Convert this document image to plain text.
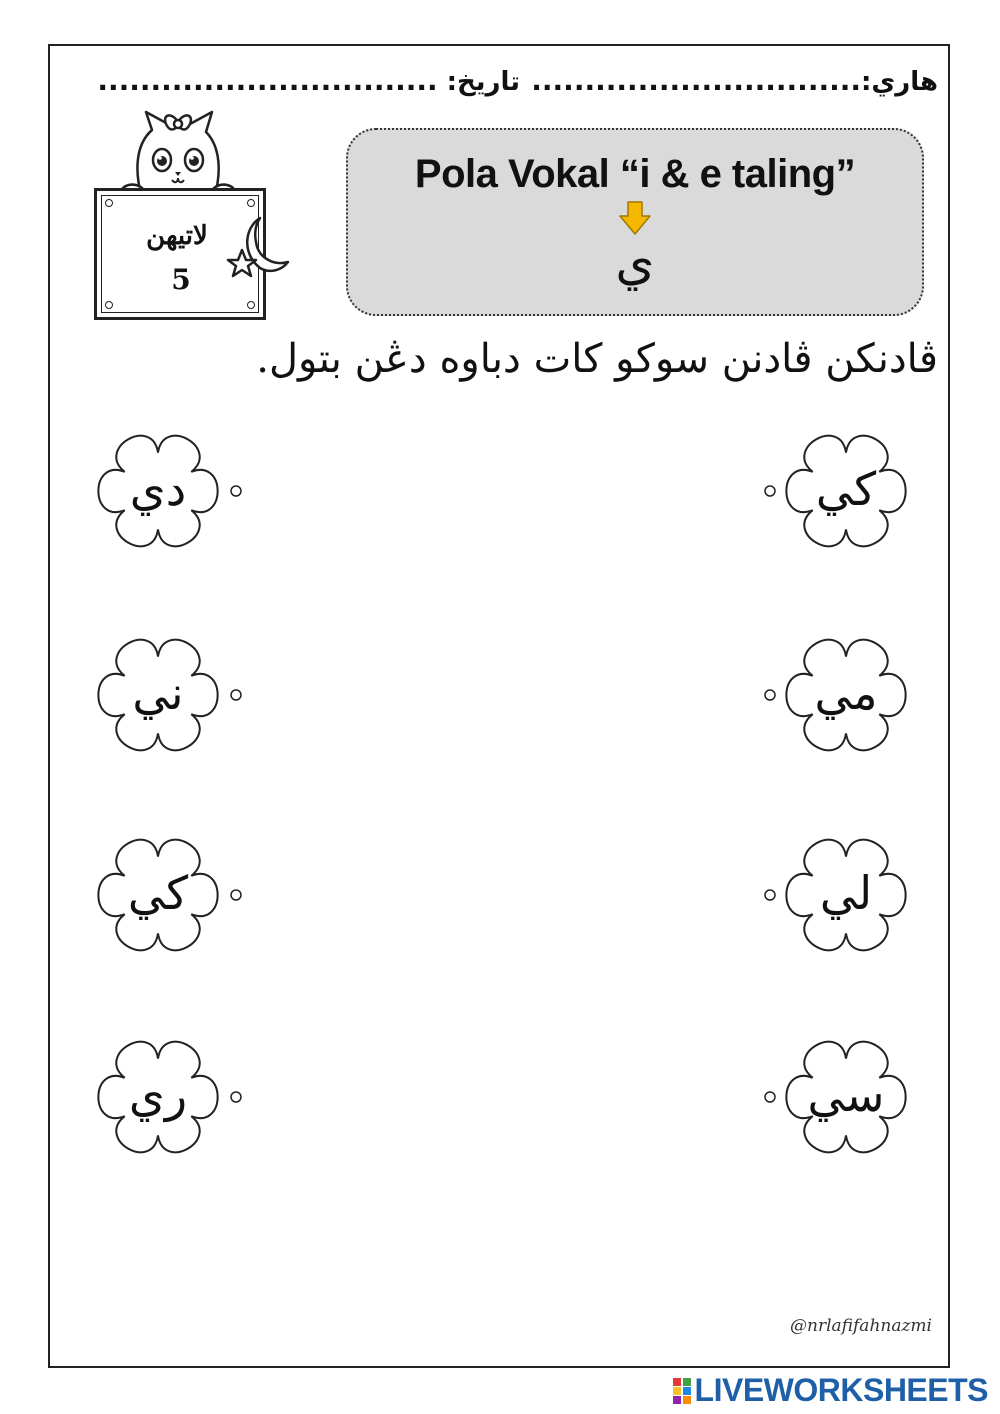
هاري:...............................
تاريخ: ................................
لاتيهن
5
Pola Vokal “i & e taling”
ي
ڤادنكن ڤادنن سوكو كات دباوه دڠن بتول.
دي
ني
كي
ري
كي
مي
لي
سي
@nrlafifahnazmi
LIVEWORKSHEETS
